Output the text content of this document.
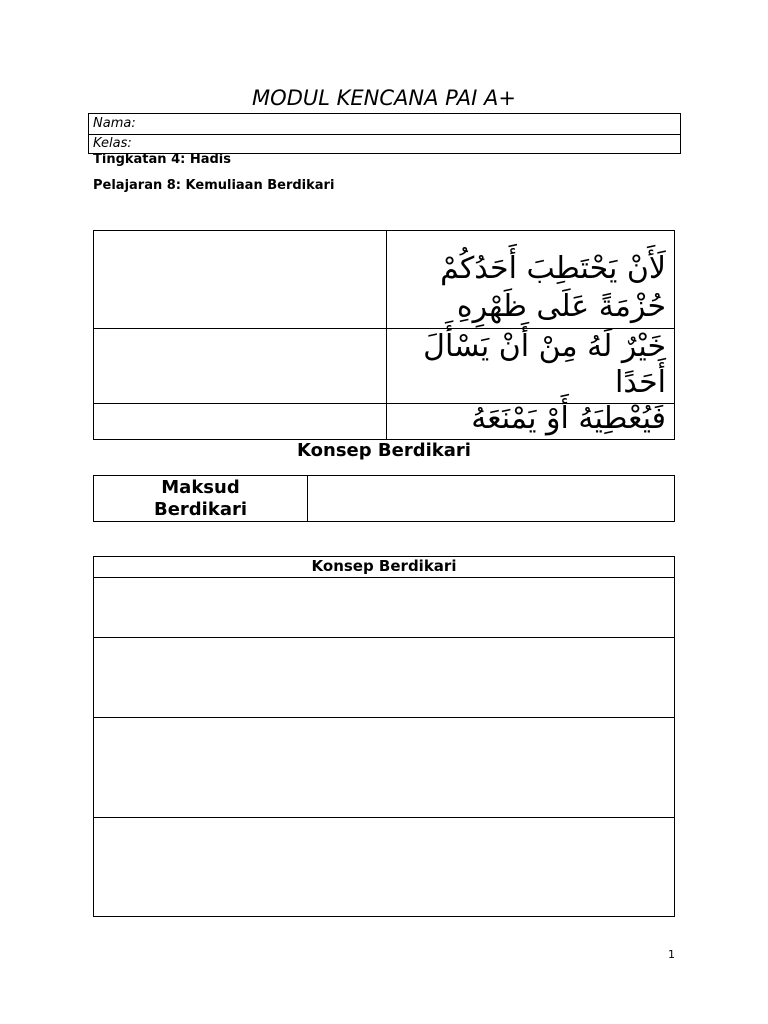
MODUL KENCANA PAI A+
Nama:
Kelas:
Tingkatan 4: Hadis
Pelajaran 8: Kemuliaan Berdikari
لَأَنْ يَحْتَطِبَ أَحَدُكُمْ
حُزْمَةً عَلَى ظَهْرِهِ
خَيْرٌ لَهُ مِنْ أَنْ يَسْأَلَ
أَحَدًا
فَيُعْطِيَهُ أَوْ يَمْنَعَهُ
Konsep Berdikari
Maksud
Berdikari
Konsep Berdikari
1
